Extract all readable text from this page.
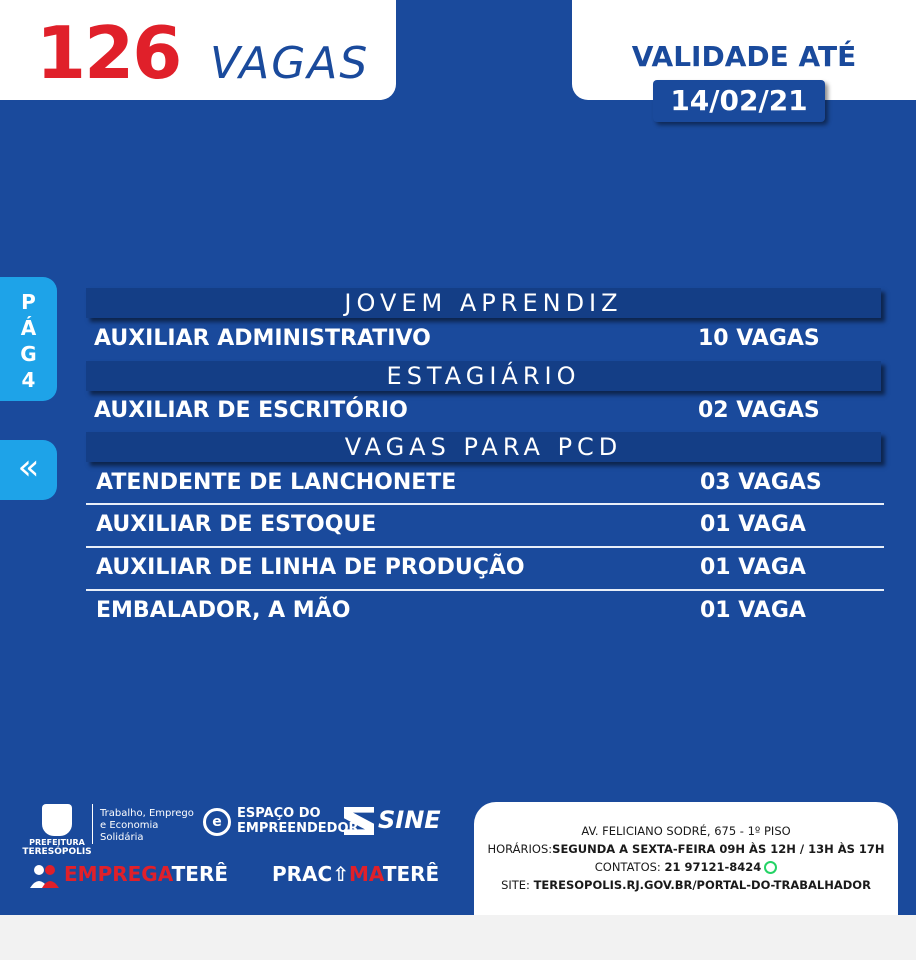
126 VAGAS	VALIDADE ATÉ
14/02/21
P
Á
G
4
«
JOVEM APRENDIZ
AUXILIAR ADMINISTRATIVO	10 VAGAS
ESTAGIÁRIO
AUXILIAR DE ESCRITÓRIO	02 VAGAS
VAGAS PARA PCD
ATENDENTE DE LANCHONETE	03 VAGAS
AUXILIAR DE ESTOQUE	01 VAGA
AUXILIAR DE LINHA DE PRODUÇÃO	01 VAGA
EMBALADOR, A MÃO	01 VAGA
PREFEITURA
TERESÓPOLIS
Trabalho, Emprego
e Economia
Solidária
e
ESPAÇO DO
EMPREENDEDOR SINE
EMPREGATERÊ PRAC⇧MATERÊ
AV. FELICIANO SODRÉ, 675 - 1º PISO
HORÁRIOS:SEGUNDA A SEXTA-FEIRA 09H ÀS 12H / 13H ÀS 17H
CONTATOS: 21 97121-8424
SITE: TERESOPOLIS.RJ.GOV.BR/PORTAL-DO-TRABALHADOR
